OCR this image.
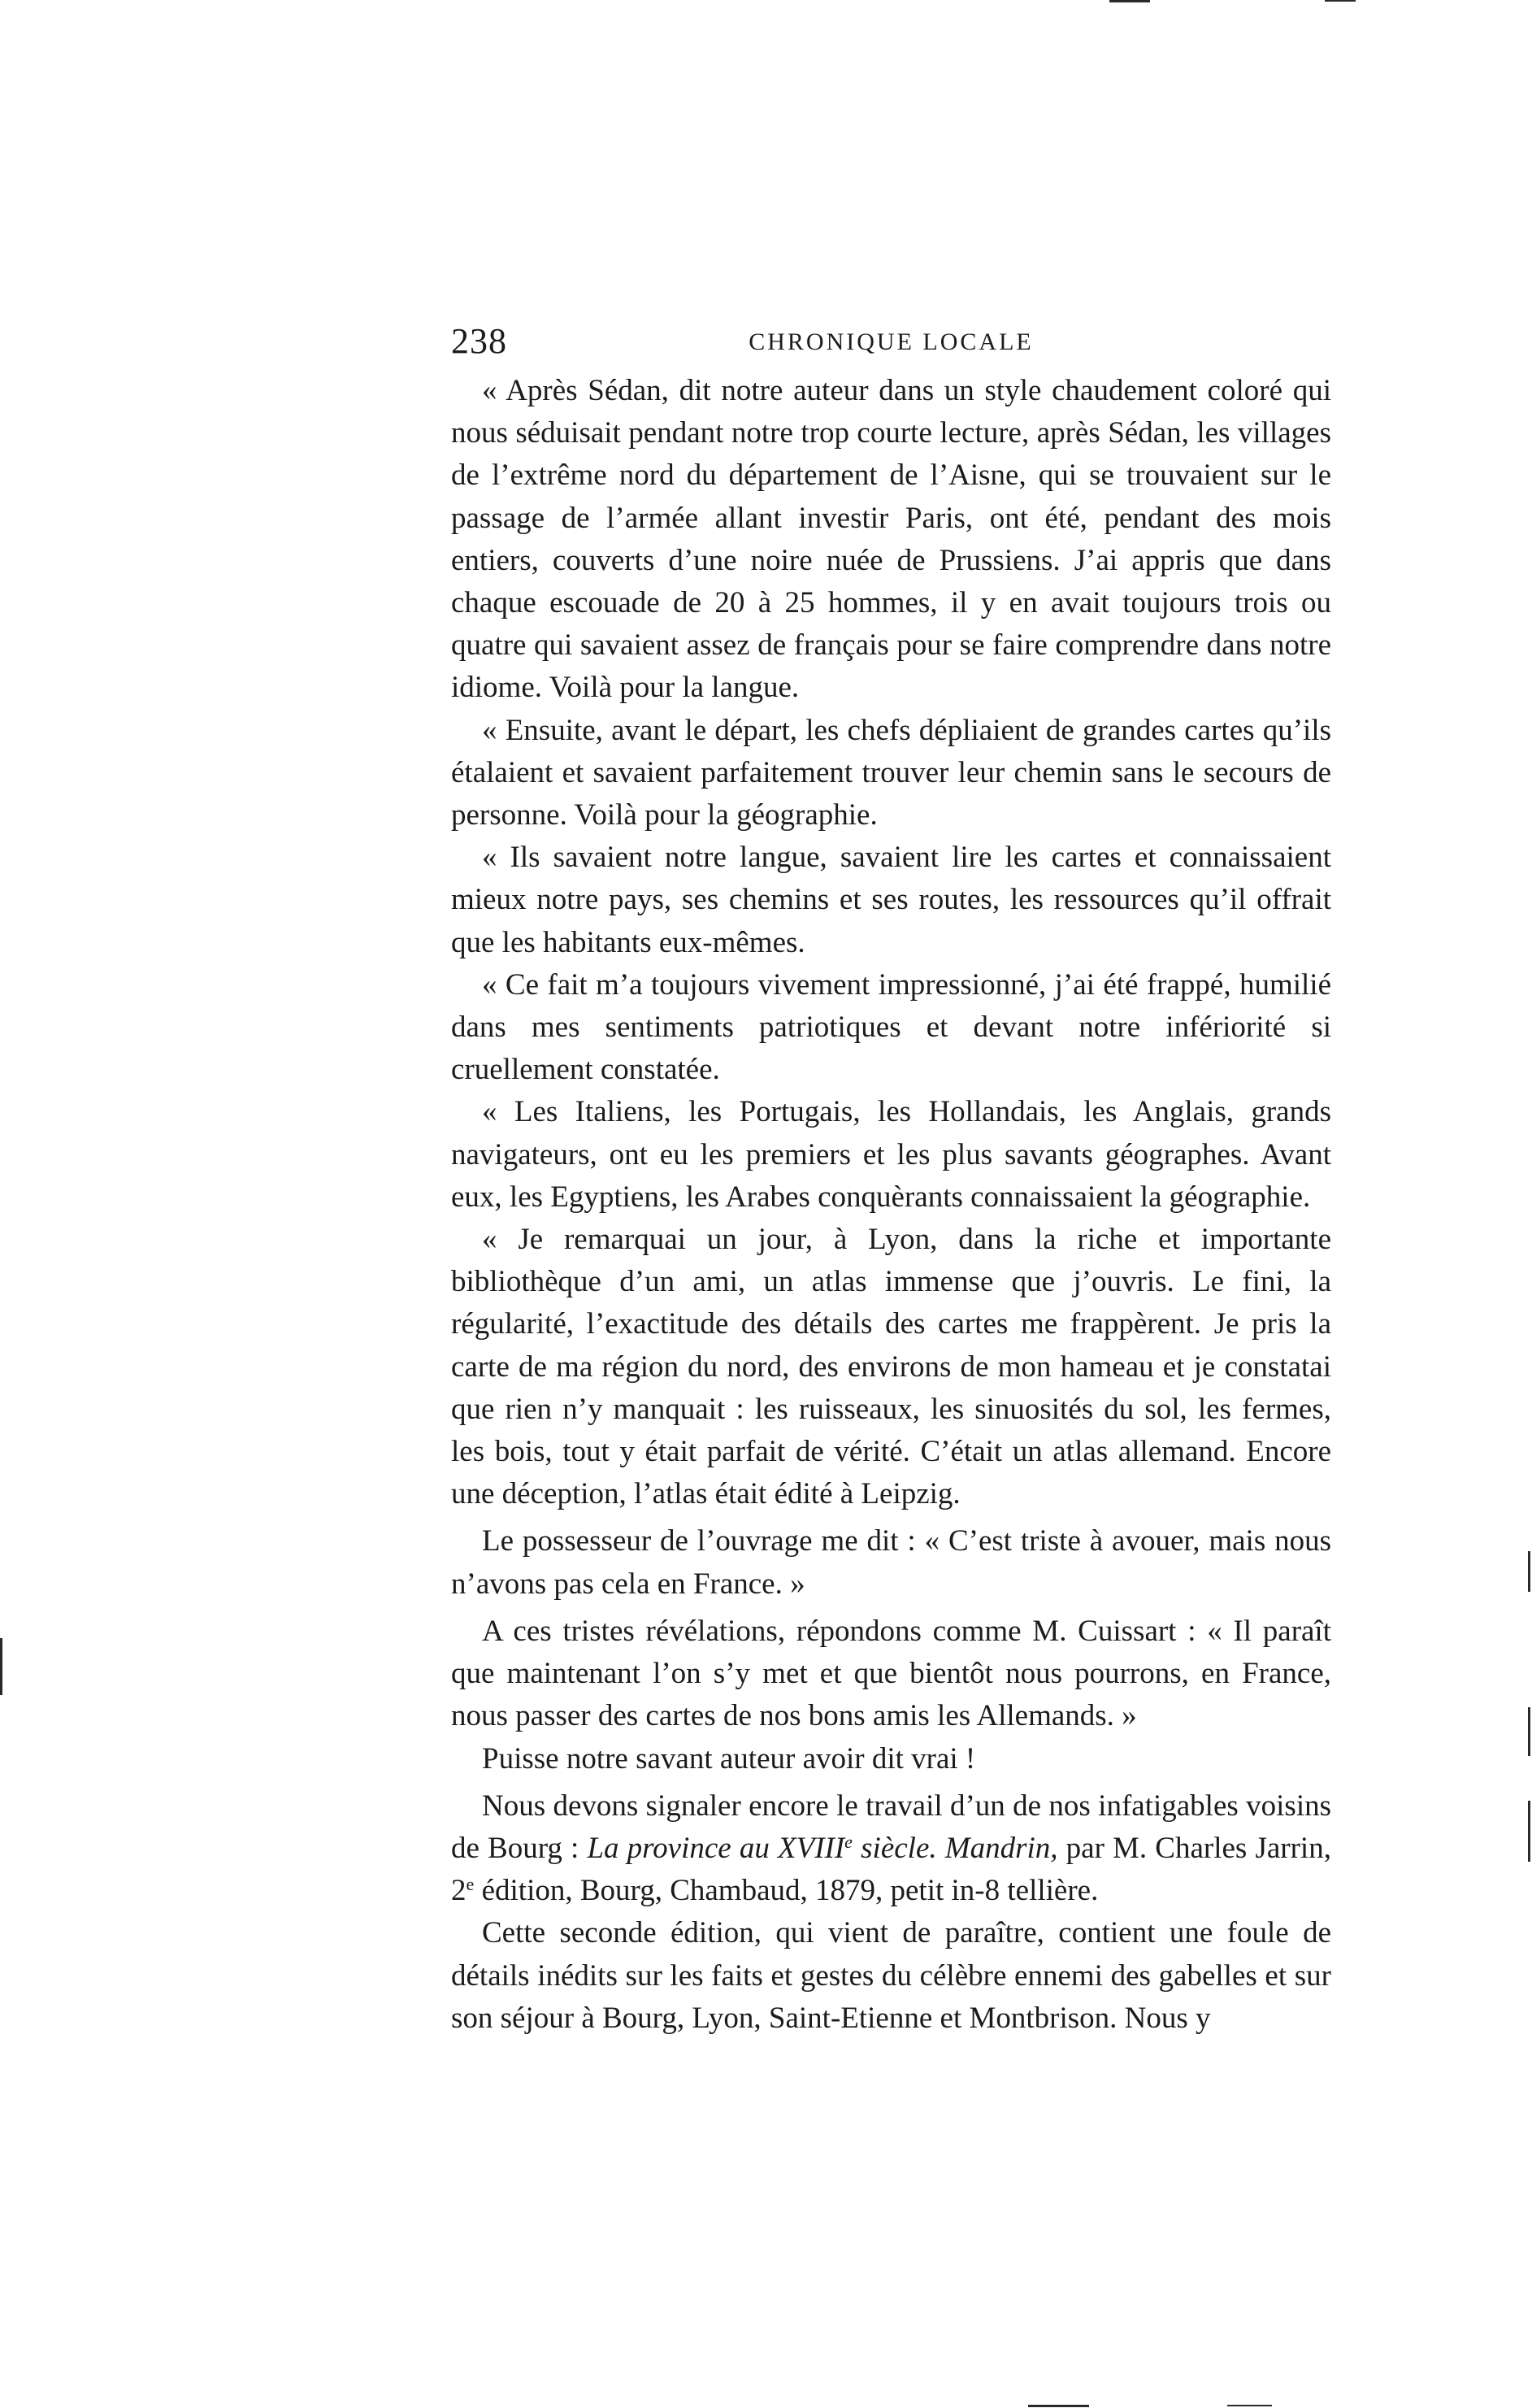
238	CHRONIQUE LOCALE

« Après Sédan, dit notre auteur dans un style chaudement coloré qui nous séduisait pendant notre trop courte lecture, après Sédan, les villages de l’extrême nord du département de l’Aisne, qui se trouvaient sur le passage de l’armée allant investir Paris, ont été, pendant des mois entiers, couverts d’une noire nuée de Prussiens. J’ai appris que dans chaque escouade de 20 à 25 hommes, il y en avait toujours trois ou quatre qui savaient assez de français pour se faire comprendre dans notre idiome. Voilà pour la langue.

« Ensuite, avant le départ, les chefs dépliaient de grandes cartes qu’ils étalaient et savaient parfaitement trouver leur chemin sans le secours de personne. Voilà pour la géographie.

« Ils savaient notre langue, savaient lire les cartes et connaissaient mieux notre pays, ses chemins et ses routes, les ressources qu’il offrait que les habitants eux-mêmes.

« Ce fait m’a toujours vivement impressionné, j’ai été frappé, humilié dans mes sentiments patriotiques et devant notre infériorité si cruellement constatée.

« Les Italiens, les Portugais, les Hollandais, les Anglais, grands navigateurs, ont eu les premiers et les plus savants géographes. Avant eux, les Egyptiens, les Arabes conquèrants connaissaient la géographie.

« Je remarquai un jour, à Lyon, dans la riche et importante bibliothèque d’un ami, un atlas immense que j’ouvris. Le fini, la régularité, l’exactitude des détails des cartes me frappèrent. Je pris la carte de ma région du nord, des environs de mon hameau et je constatai que rien n’y manquait : les ruisseaux, les sinuosités du sol, les fermes, les bois, tout y était parfait de vérité. C’était un atlas allemand. Encore une déception, l’atlas était édité à Leipzig.

Le possesseur de l’ouvrage me dit : « C’est triste à avouer, mais nous n’avons pas cela en France. »

A ces tristes révélations, répondons comme M. Cuissart : « Il paraît que maintenant l’on s’y met et que bientôt nous pourrons, en France, nous passer des cartes de nos bons amis les Allemands. »

Puisse notre savant auteur avoir dit vrai !

Nous devons signaler encore le travail d’un de nos infatigables voisins de Bourg : La province au XVIIIe siècle. Mandrin, par M. Charles Jarrin, 2e édition, Bourg, Chambaud, 1879, petit in-8 tellière.

Cette seconde édition, qui vient de paraître, contient une foule de détails inédits sur les faits et gestes du célèbre ennemi des gabelles et sur son séjour à Bourg, Lyon, Saint-Etienne et Montbrison. Nous y
